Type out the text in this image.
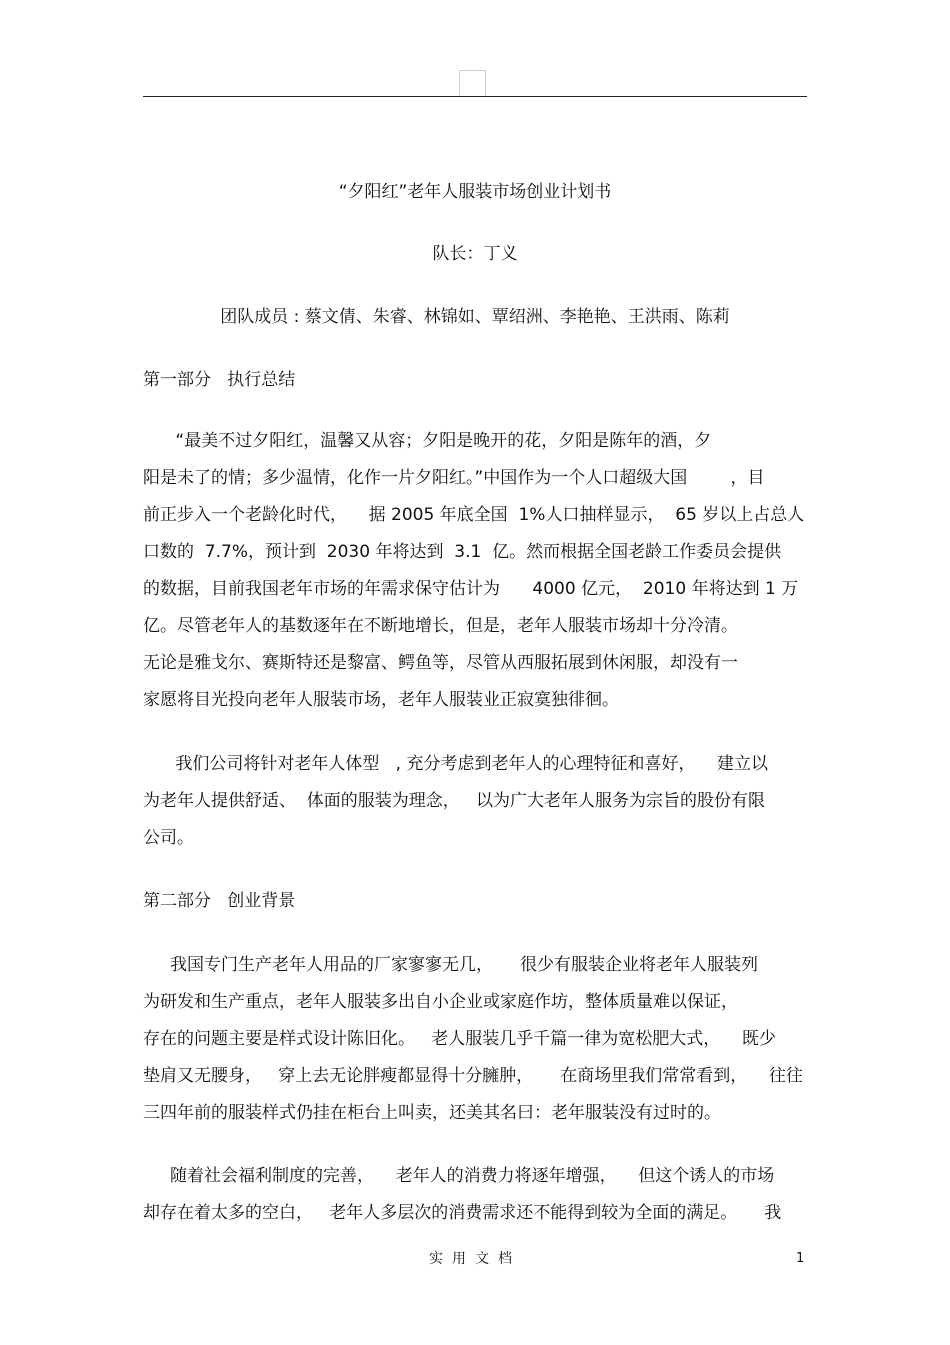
“夕阳红”老年人服装市场创业计划书

队长：丁义

团队成员 : 蔡文倩、朱睿、林锦如、覃绍洲、李艳艳、王洪雨、陈莉

第一部分   执行总结

“最美不过夕阳红，温馨又从容；夕阳是晚开的花，夕阳是陈年的酒，夕

阳是未了的情；多少温情，化作一片夕阳红。”中国作为一个人口超级大国        ，目

前正步入一个老龄化时代，    据 2005 年底全国  1%人口抽样显示，  65 岁以上占总人

口数的  7.7%，预计到  2030 年将达到  3.1  亿。然而根据全国老龄工作委员会提供

的数据，目前我国老年市场的年需求保守估计为      4000 亿元，  2010 年将达到 1 万

亿。尽管老年人的基数逐年在不断地增长，但是，老年人服装市场却十分冷清。

无论是雅戈尔、赛斯特还是黎富、鳄鱼等，尽管从西服拓展到休闲服，却没有一

家愿将目光投向老年人服装市场，老年人服装业正寂寞独徘徊。

我们公司将针对老年人体型   , 充分考虑到老年人的心理特征和喜好，    建立以

为老年人提供舒适、  体面的服装为理念，   以为广大老年人服务为宗旨的股份有限

公司。

第二部分   创业背景

我国专门生产老年人用品的厂家寥寥无几，     很少有服装企业将老年人服装列

为研发和生产重点，老年人服装多出自小企业或家庭作坊，整体质量难以保证，

存在的问题主要是样式设计陈旧化。   老人服装几乎千篇一律为宽松肥大式，    既少

垫肩又无腰身，   穿上去无论胖瘦都显得十分臃肿，     在商场里我们常常看到，    往往

三四年前的服装样式仍挂在柜台上叫卖，还美其名曰：老年服装没有过时的。

随着社会福利制度的完善，    老年人的消费力将逐年增强，    但这个诱人的市场

却存在着太多的空白，   老年人多层次的消费需求还不能得到较为全面的满足。     我

实用文档	1
